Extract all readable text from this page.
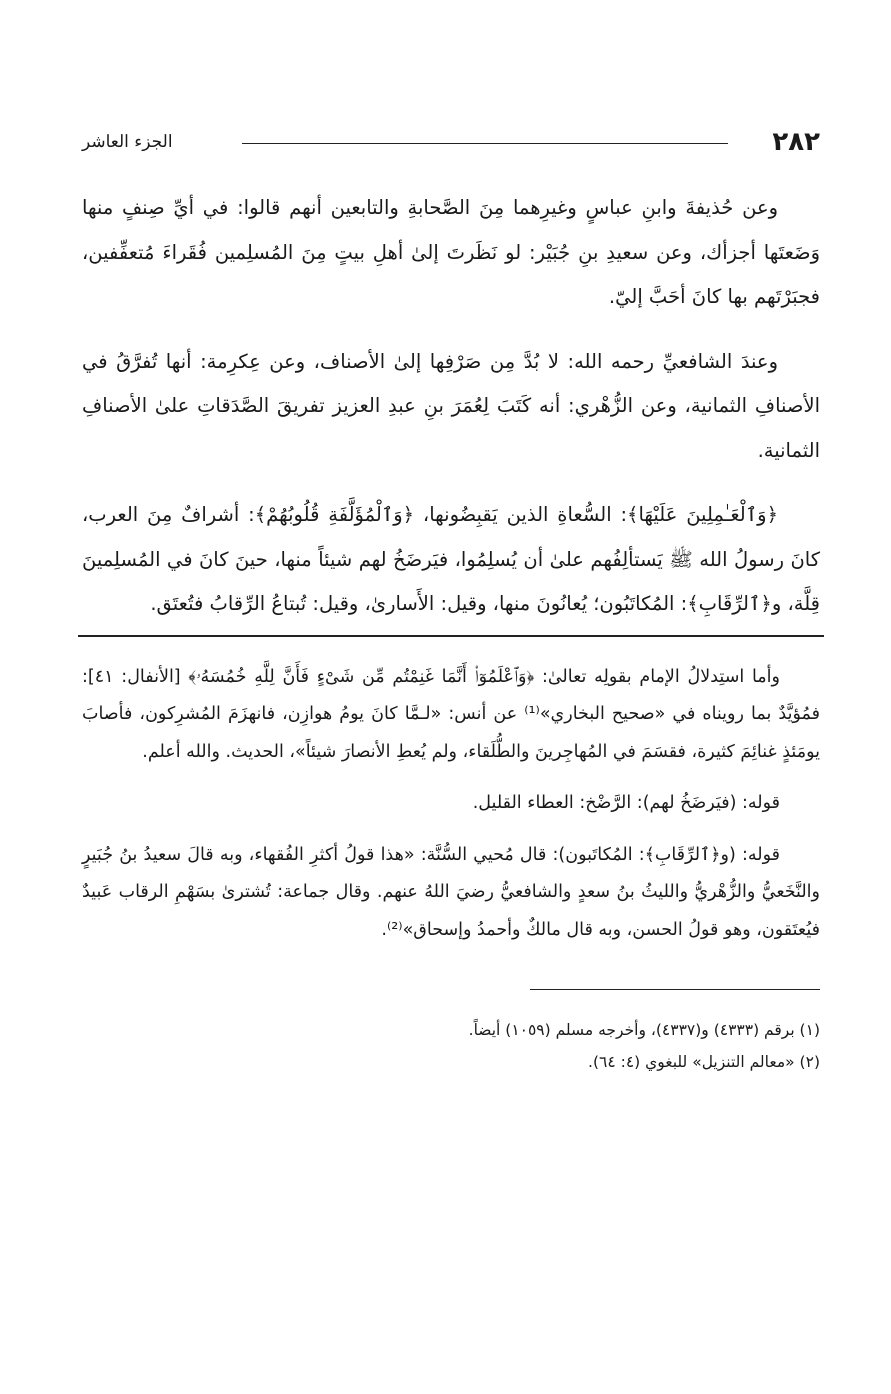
٢٨٢
الجزء العاشر

وعن حُذيفةَ وابنِ عباسٍ وغيرِهما مِنَ الصَّحابةِ والتابعين أنهم قالوا: في أيِّ صِنفٍ منها وَضَعتَها أجزأك، وعن سعيدِ بنِ جُبَيْر: لو نَظَرتَ إلىٰ أهلِ بيتٍ مِنَ المُسلِمين فُقَراءَ مُتعفِّفين، فجبَرْتَهم بها كانَ أحَبَّ إليّ.

وعندَ الشافعيِّ رحمه الله: لا بُدَّ مِن صَرْفِها إلىٰ الأصناف، وعن عِكرِمة: أنها تُفرَّقُ في الأصنافِ الثمانية، وعن الزُّهْري: أنه كَتَبَ لِعُمَرَ بنِ عبدِ العزيز تفريقَ الصَّدَقاتِ علىٰ الأصنافِ الثمانية.

﴿وَٱلْعَـٰمِلِينَ عَلَيْهَا﴾: السُّعاةِ الذين يَقبِضُونها، ﴿وَٱلْمُؤَلَّفَةِ قُلُوبُهُمْ﴾: أشرافٌ مِنَ العرب، كانَ رسولُ الله ﷺ يَستألِفُهم علىٰ أن يُسلِمُوا، فيَرضَخُ لهم شيئاً منها، حينَ كانَ في المُسلِمينَ قِلَّة، و﴿ٱلرِّقَابِ﴾: المُكاتَبُون؛ يُعانُونَ منها، وقيل: الأَسارىٰ، وقيل: تُبتاعُ الرِّقابُ فتُعتَق.

وأما استِدلالُ الإمام بقولِه تعالىٰ: ﴿وَٱعْلَمُوٓا۟ أَنَّمَا غَنِمْتُم مِّن شَىْءٍ فَأَنَّ لِلَّهِ خُمُسَهُۥ﴾ [الأنفال: ٤١]: فمُؤيَّدٌ بما رويناه في «صحيح البخاري»⁽¹⁾ عن أنس: «لـمَّا كانَ يومُ هوازِن، فانهزَمَ المُشرِكون، فأصابَ يومَئذٍ غنائِمَ كثيرة، فقسَمَ في المُهاجِرينَ والطُّلَقاء، ولم يُعطِ الأنصارَ شيئاً»، الحديث. والله أعلم.

قوله: (فيَرضَخُ لهم): الرَّضْخ: العطاء القليل.

قوله: (و﴿ٱلرِّقَابِ﴾: المُكاتَبون): قال مُحيي السُّنَّة: «هذا قولُ أكثرِ الفُقهاء، وبه قالَ سعيدُ بنُ جُبَيرٍ والنَّخَعيُّ والزُّهْريُّ والليثُ بنُ سعدٍ والشافعيُّ رضيَ اللهُ عنهم. وقال جماعة: تُشترىٰ بسَهْمِ الرقاب عَبيدٌ فيُعتَقون، وهو قولُ الحسن، وبه قال مالكٌ وأحمدُ وإسحاق»⁽²⁾.

(١) برقم (٤٣٣٣) و(٤٣٣٧)، وأخرجه مسلم (١٠٥٩) أيضاً.

(٢) «معالم التنزيل» للبغوي (٤: ٦٤).
